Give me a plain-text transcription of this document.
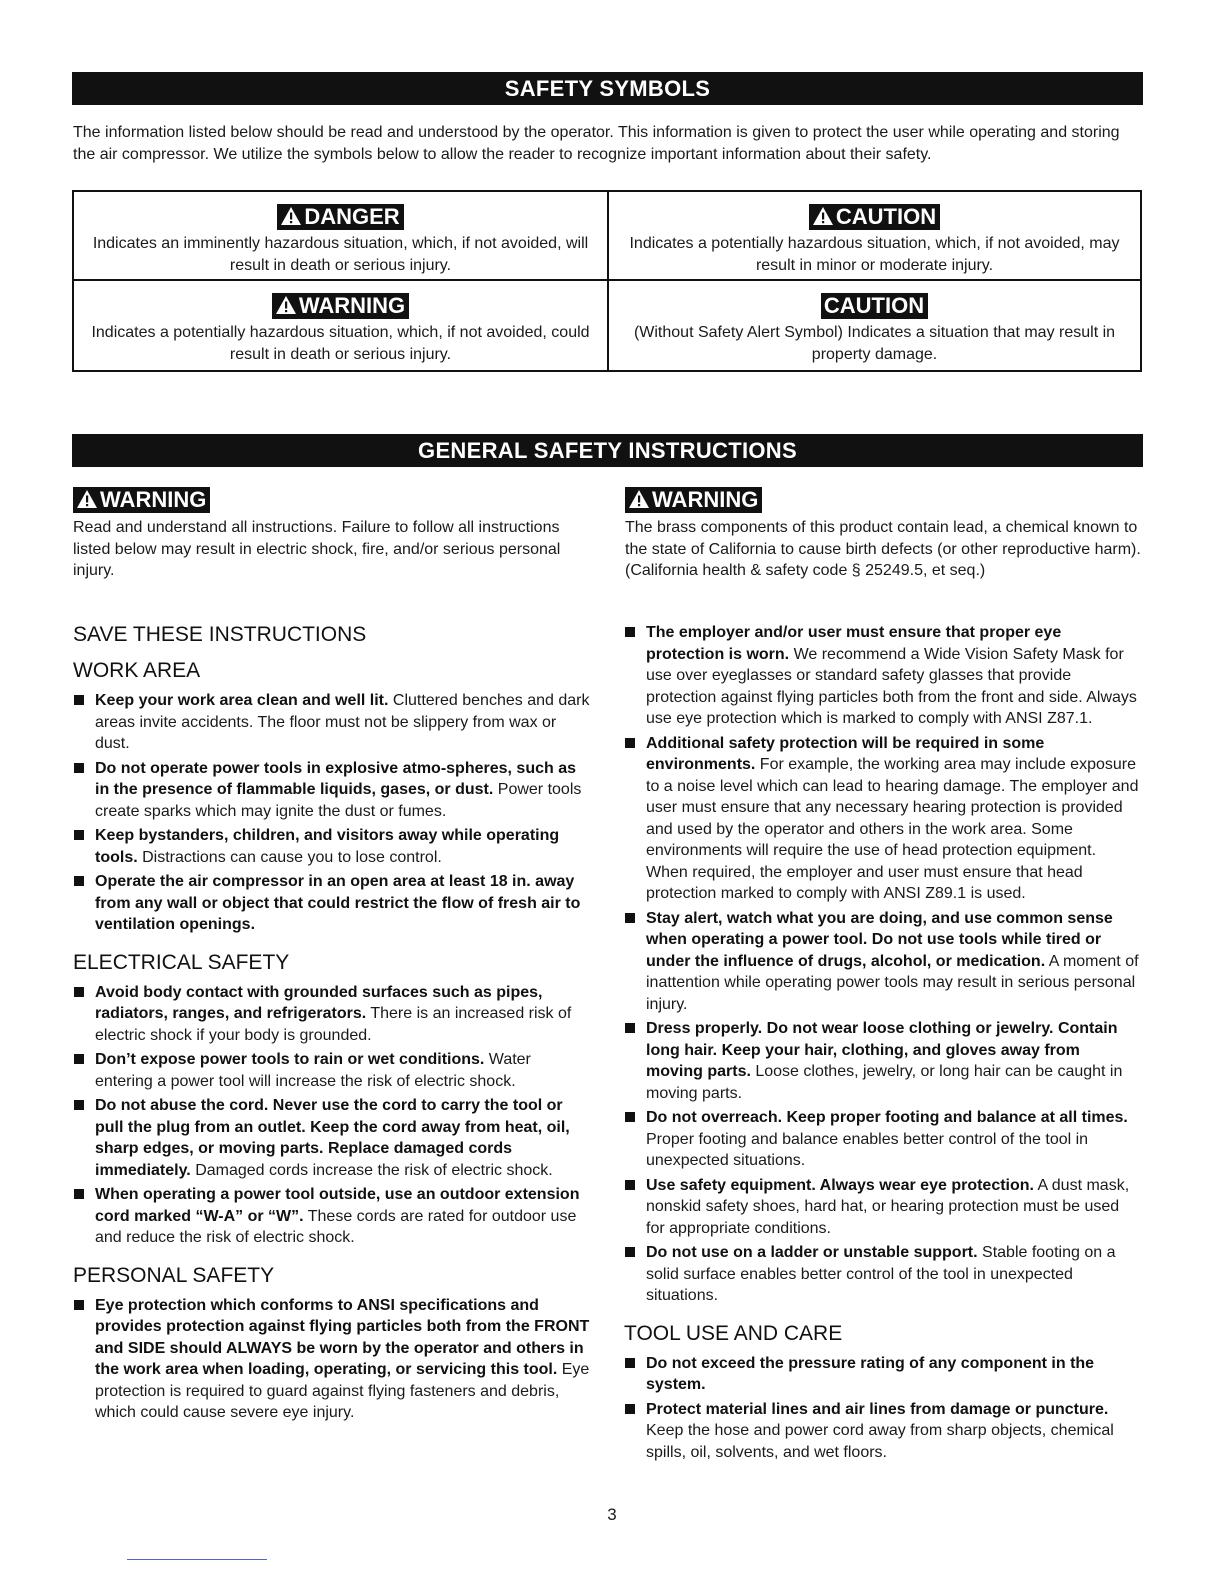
SAFETY SYMBOLS

The information listed below should be read and understood by the operator. This information is given to protect the user while operating and storing the air compressor. We utilize the symbols below to allow the reader to recognize important information about their safety.

DANGER

Indicates an imminently hazardous situation, which, if not avoided, will result in death or serious injury.

CAUTION

Indicates a potentially hazardous situation, which, if not avoided, may result in minor or moderate injury.

WARNING

Indicates a potentially hazardous situation, which, if not avoided, could result in death or serious injury.

CAUTION

(Without Safety Alert Symbol) Indicates a situation that may result in property damage.

GENERAL SAFETY INSTRUCTIONS
WARNING

Read and understand all instructions. Failure to follow all instructions listed below may result in electric shock, fire, and/or serious personal injury.

WARNING

The brass components of this product contain lead, a chemical known to the state of California to cause birth defects (or other reproductive harm).

(California health & safety code § 25249.5, et seq.)

SAVE THESE INSTRUCTIONS
WORK AREA
Keep your work area clean and well lit. Cluttered benches and dark areas invite accidents. The floor must not be slippery from wax or dust.
Do not operate power tools in explosive atmo-spheres, such as in the presence of flammable liquids, gases, or dust. Power tools create sparks which may ignite the dust or fumes.
Keep bystanders, children, and visitors away while operating tools. Distractions can cause you to lose control.
Operate the air compressor in an open area at least 18 in. away from any wall or object that could restrict the flow of fresh air to ventilation openings.
ELECTRICAL SAFETY
Avoid body contact with grounded surfaces such as pipes, radiators, ranges, and refrigerators. There is an increased risk of electric shock if your body is grounded.
Don’t expose power tools to rain or wet conditions. Water entering a power tool will increase the risk of electric shock.
Do not abuse the cord. Never use the cord to carry the tool or pull the plug from an outlet. Keep the cord away from heat, oil, sharp edges, or moving parts. Replace damaged cords immediately. Damaged cords increase the risk of electric shock.
When operating a power tool outside, use an outdoor extension cord marked “W-A” or “W”. These cords are rated for outdoor use and reduce the risk of electric shock.
PERSONAL SAFETY
Eye protection which conforms to ANSI specifications and provides protection against flying particles both from the FRONT and SIDE should ALWAYS be worn by the operator and others in the work area when loading, operating, or servicing this tool. Eye protection is required to guard against flying fasteners and debris, which could cause severe eye injury.
The employer and/or user must ensure that proper eye protection is worn. We recommend a Wide Vision Safety Mask for use over eyeglasses or standard safety glasses that provide protection against flying particles both from the front and side. Always use eye protection which is marked to comply with ANSI Z87.1.
Additional safety protection will be required in some environments. For example, the working area may include exposure to a noise level which can lead to hearing damage. The employer and user must ensure that any necessary hearing protection is provided and used by the operator and others in the work area. Some environments will require the use of head protection equipment. When required, the employer and user must ensure that head protection marked to comply with ANSI Z89.1 is used.
Stay alert, watch what you are doing, and use common sense when operating a power tool. Do not use tools while tired or under the influence of drugs, alcohol, or medication. A moment of inattention while operating power tools may result in serious personal injury.
Dress properly. Do not wear loose clothing or jewelry. Contain long hair. Keep your hair, clothing, and gloves away from moving parts. Loose clothes, jewelry, or long hair can be caught in moving parts.
Do not overreach. Keep proper footing and balance at all times. Proper footing and balance enables better control of the tool in unexpected situations.
Use safety equipment. Always wear eye protection. A dust mask, nonskid safety shoes, hard hat, or hearing protection must be used for appropriate conditions.
Do not use on a ladder or unstable support. Stable footing on a solid surface enables better control of the tool in unexpected situations.
TOOL USE AND CARE
Do not exceed the pressure rating of any component in the system.
Protect material lines and air lines from damage or puncture. Keep the hose and power cord away from sharp objects, chemical spills, oil, solvents, and wet floors.
3
